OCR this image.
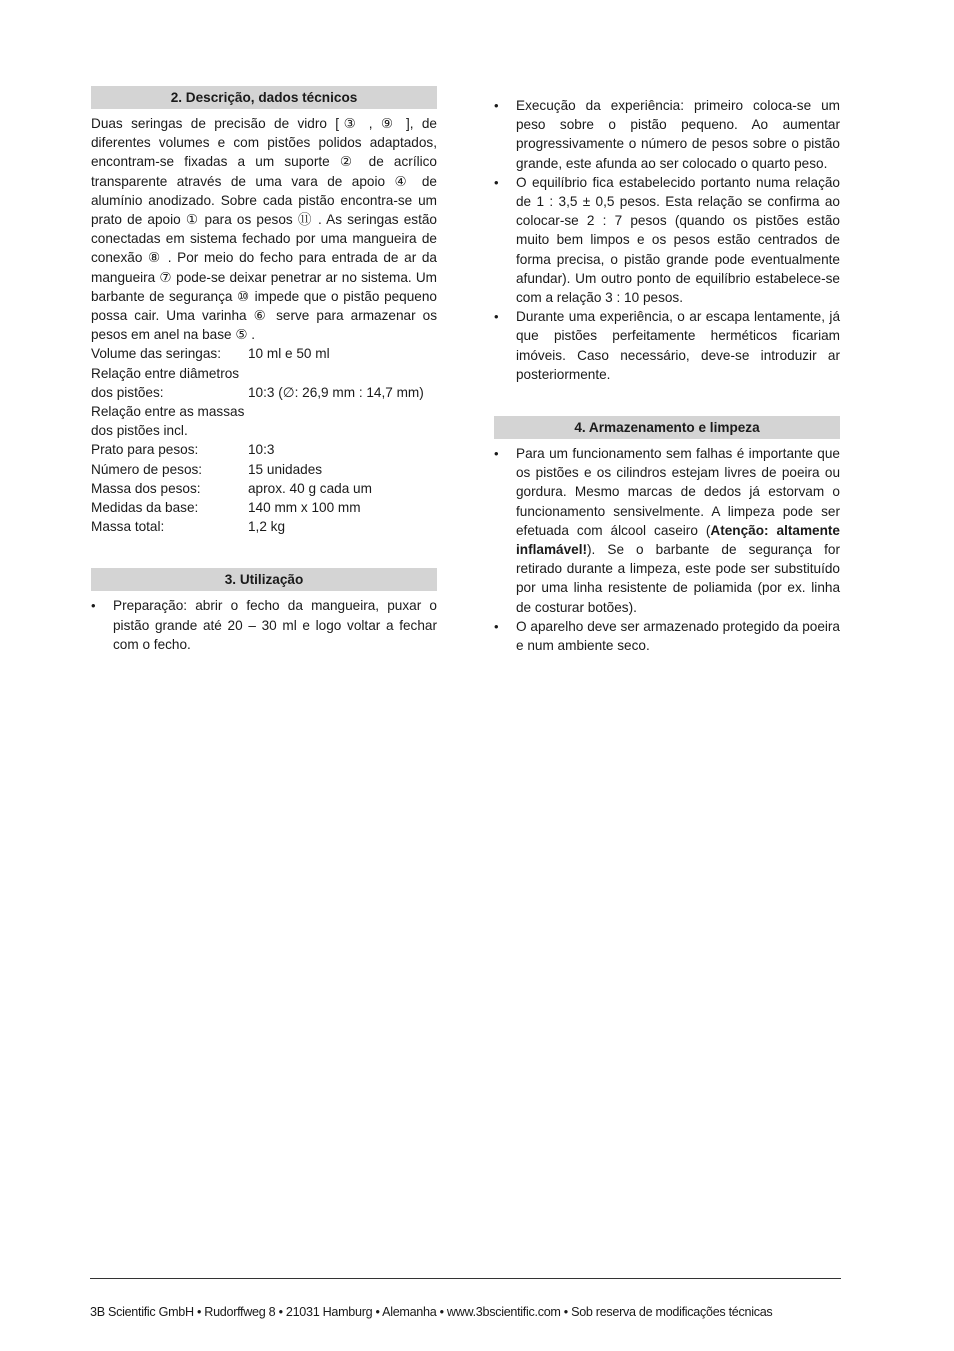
2. Descrição, dados técnicos

Duas seringas de precisão de vidro [③ , ⑨ ], de diferentes volumes e com pistões polidos adaptados, encontram-se fixadas a um suporte ② de acrílico transparente através de uma vara de apoio ④ de alumínio anodizado. Sobre cada pistão encontra-se um prato de apoio ① para os pesos ⑪ . As seringas estão conectadas em sistema fechado por uma mangueira de conexão ⑧ . Por meio do fecho para entrada de ar da mangueira ⑦ pode-se deixar penetrar ar no sistema. Um barbante de segurança ⑩ impede que o pistão pequeno possa cair. Uma varinha ⑥ serve para armazenar os pesos em anel na base ⑤ .

Volume das seringas:	10 ml e 50 ml
Relação entre diâmetros
dos pistões:	10:3 (∅: 26,9 mm : 14,7 mm)
Relação entre as massas
dos pistões incl.
Prato para pesos:	10:3
Número de pesos:	15 unidades
Massa dos pesos:	aprox. 40 g cada um
Medidas da base:	140 mm x 100 mm
Massa total:	1,2 kg
3. Utilização
• Preparação: abrir o fecho da mangueira, puxar o pistão grande até 20 – 30 ml e logo voltar a fechar com o fecho.
• Execução da experiência: primeiro coloca-se um peso sobre o pistão pequeno. Ao aumentar progressivamente o número de pesos sobre o pistão grande, este afunda ao ser colocado o quarto peso.
• O equilíbrio fica estabelecido portanto numa relação de 1 : 3,5 ± 0,5 pesos. Esta relação se confirma ao colocar-se 2 : 7 pesos (quando os pistões estão muito bem limpos e os pesos estão centrados de forma precisa, o pistão grande pode eventualmente afundar). Um outro ponto de equilíbrio estabelece-se com a relação 3 : 10 pesos.
• Durante uma experiência, o ar escapa lentamente, já que pistões perfeitamente herméticos ficariam imóveis. Caso necessário, deve-se introduzir ar posteriormente.
4. Armazenamento e limpeza
• Para um funcionamento sem falhas é importante que os pistões e os cilindros estejam livres de poeira ou gordura. Mesmo marcas de dedos já estorvam o funcionamento sensivelmente. A limpeza pode ser efetuada com álcool caseiro (Atenção: altamente inflamável!). Se o barbante de segurança for retirado durante a limpeza, este pode ser substituído por uma linha resistente de poliamida (por ex. linha de costurar botões).
• O aparelho deve ser armazenado protegido da poeira e num ambiente seco.
3B Scientific GmbH • Rudorffweg 8 • 21031 Hamburg • Alemanha • www.3bscientific.com • Sob reserva de modificações técnicas
